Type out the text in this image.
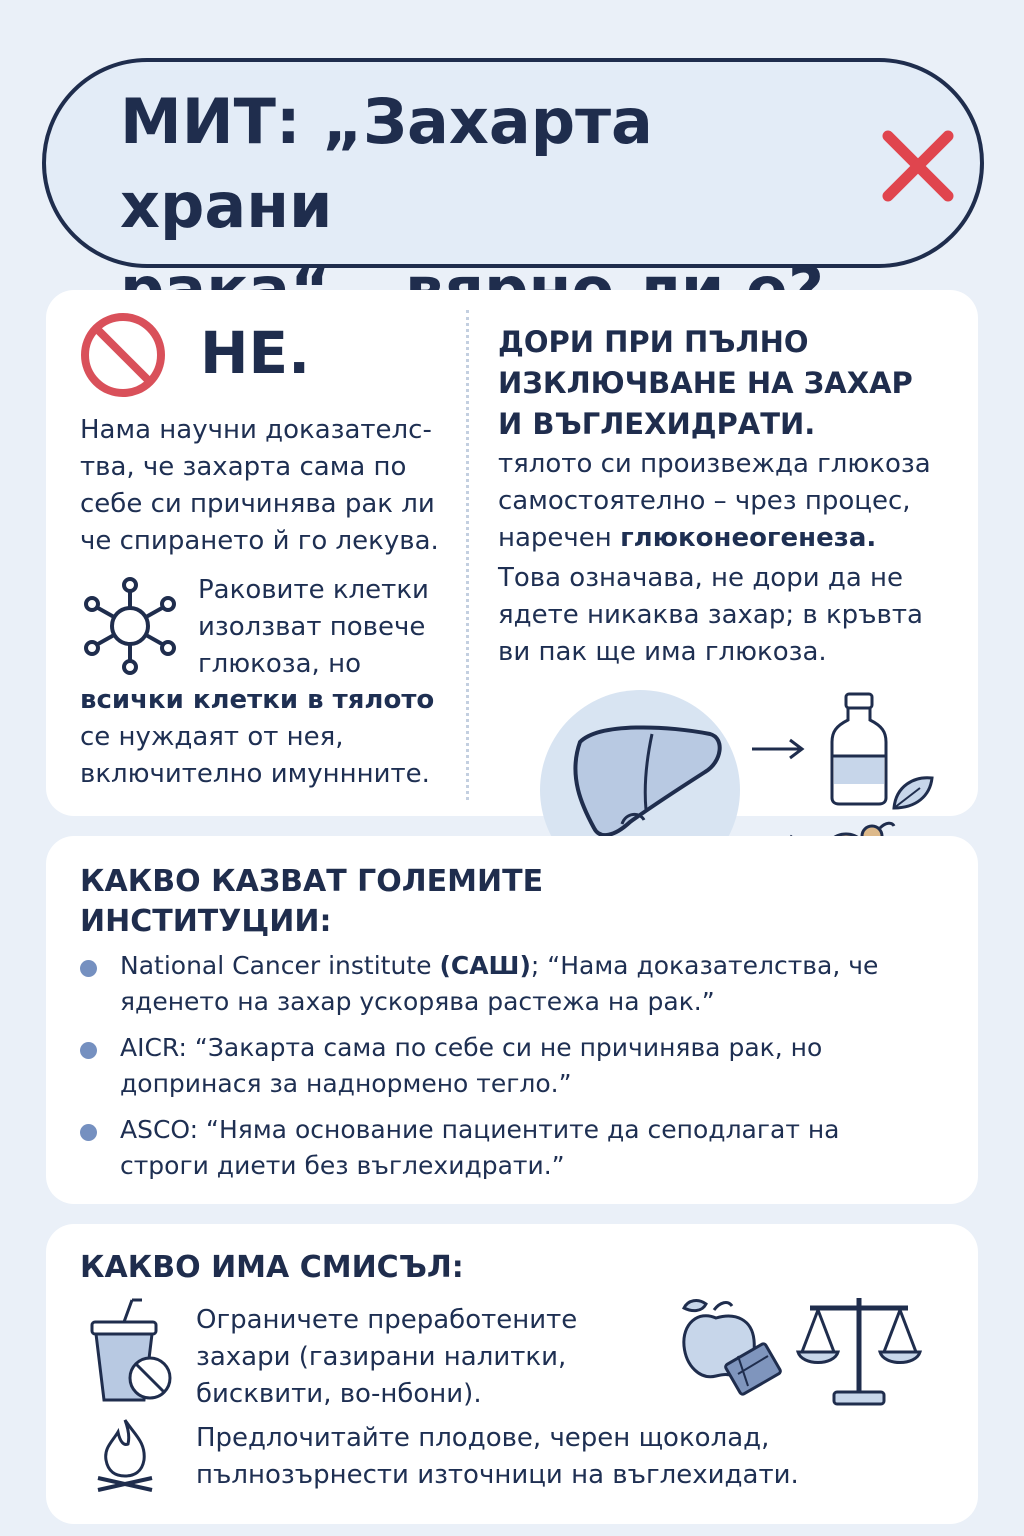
МИТ: „Захарта храни
НЕ.
Нама научни доказателс-тва, че захарта сама по себе си причинява рак ли че спирането й го лекува.
Раковите клетки изолзват повече глюкоза, но
всички клетки в тялото
се нуждаят от нея, включително имуннните.
ДОРИ ПРИ ПЪЛНО ИЗКЛЮЧВАНЕ НА ЗАХАР И ВЪГЛЕХИДРАТИ.
тялото си произвежда глюкоза самостоятелно – чрез процес, наречен глюконеогенеза.
Това означава, не дори да не ядете никаква захар; в кръвта ви пак ще има глюкоза.
КАКВО КАЗВАТ ГОЛЕМИТЕ ИНСТИТУЦИИ:
National Cancer institute (САШ); “Нама доказателства, че яденето на захар ускорява растежа на рак.”
AICR: “Закарта сама по себе си не причинява рак, но допринася за наднормено тегло.”
ASCO: “Няма основание пациентите да сеподлагат на строги диети без въглехидрати.”
КАКВО ИМА СМИСЪЛ:
Ограничете преработените захари (газирани налитки, бисквити, во-нбони).
Предлочитайте плодове, черен щоколад, пълнозърнести източници на въглехидати.
